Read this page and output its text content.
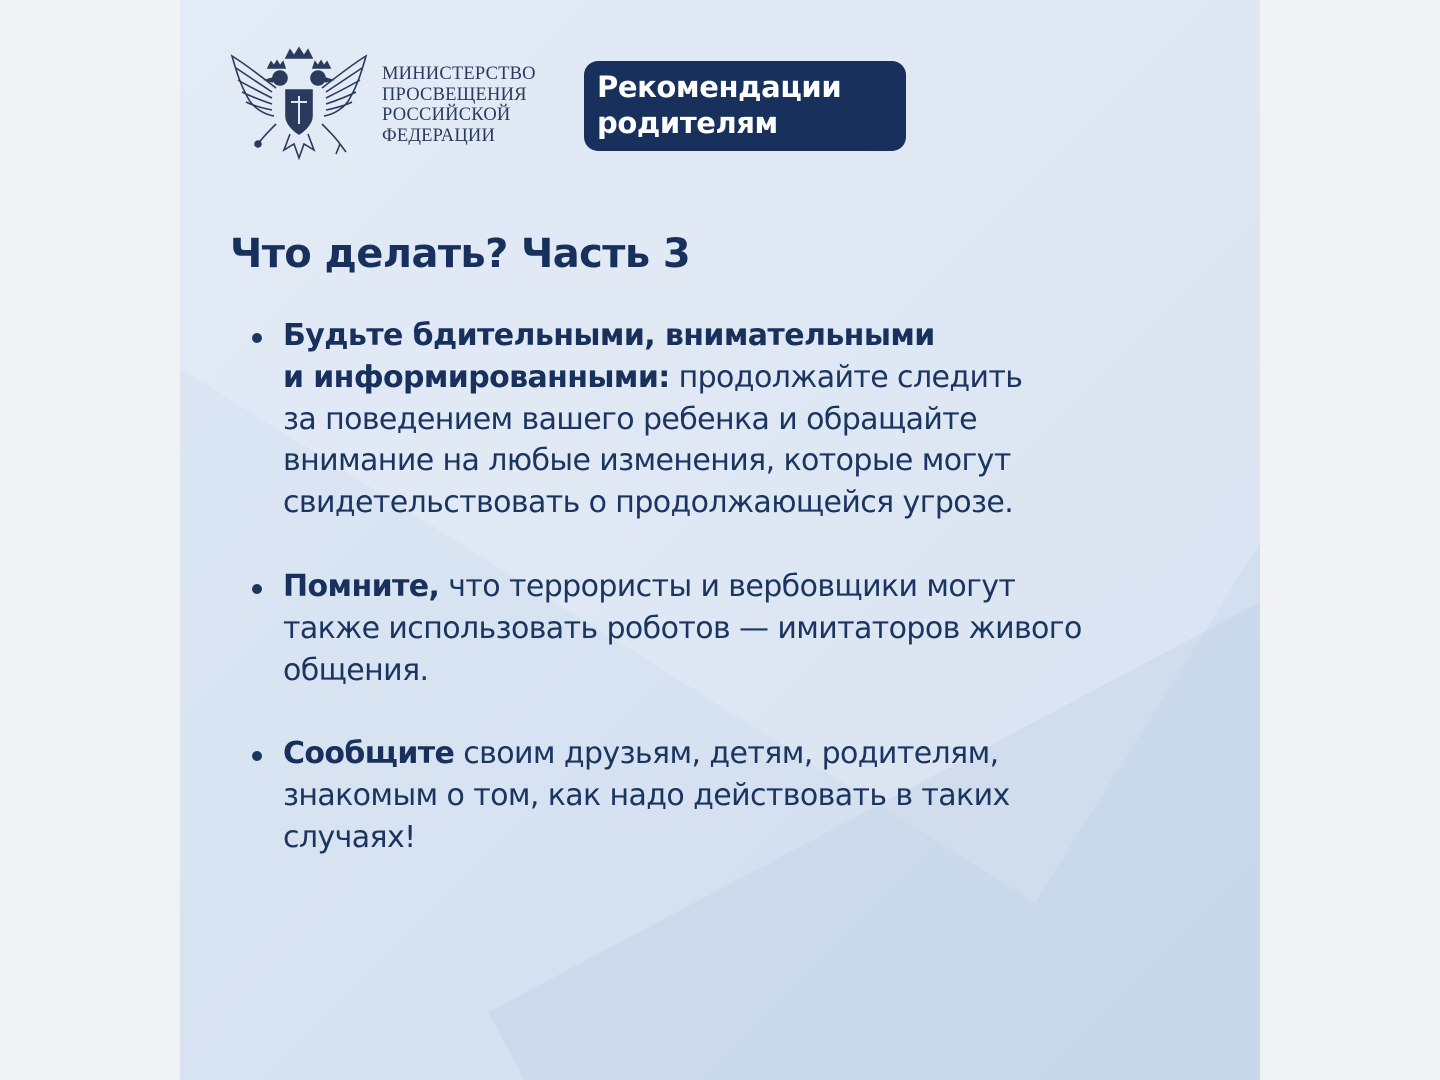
МИНИСТЕРСТВО
ПРОСВЕЩЕНИЯ
РОССИЙСКОЙ
ФЕДЕРАЦИИ
Рекомендации
родителям
Что делать? Часть 3
Будьте бдительными, внимательными
и информированными: продолжайте следить
за поведением вашего ребенка и обращайте
внимание на любые изменения, которые могут
свидетельствовать о продолжающейся угрозе.
Помните, что террористы и вербовщики могут
также использовать роботов — имитаторов живого
общения.
Сообщите своим друзьям, детям, родителям,
знакомым о том, как надо действовать в таких
случаях!
